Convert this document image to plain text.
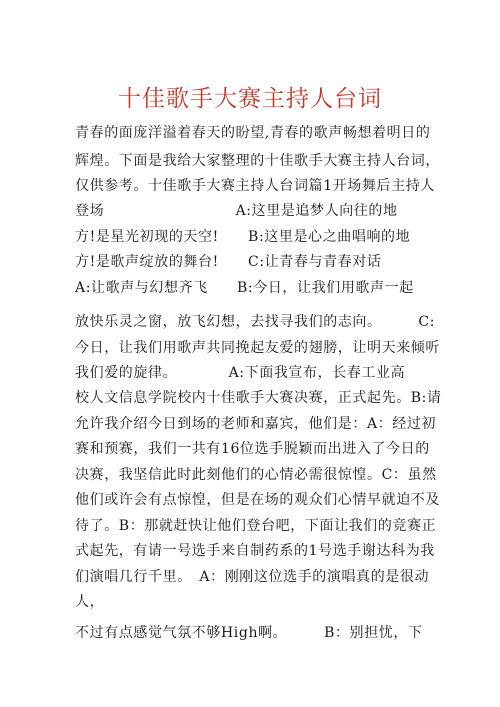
十佳歌手大赛主持人台词
青春的面庞洋溢着春天的盼望,青春的歌声畅想着明日的
辉煌。下面是我给大家整理的十佳歌手大赛主持人台词，
仅供参考。十佳歌手大赛主持人台词篇1开场舞后主持人
登场　　　　　　　　　A:这里是追梦人向往的地
方!是星光初现的天空!　　B:这里是心之曲唱响的地
方!是歌声绽放的舞台!　　C:让青春与青春对话
A:让歌声与幻想齐飞　　B:今日，让我们用歌声一起
放快乐灵之窗，放飞幻想，去找寻我们的志向。　　　C:
今日，让我们用歌声共同挽起友爱的翅膀，让明天来倾听
我们爱的旋律。　　　　A:下面我宣布，长春工业高
校人文信息学院校内十佳歌手大赛决赛，正式起先。B:请
允许我介绍今日到场的老师和嘉宾，他们是：A：经过初
赛和预赛，我们一共有16位选手脱颖而出进入了今日的
决赛，我坚信此时此刻他们的心情必需很惊惶。C：虽然
他们或许会有点惊惶，但是在场的观众们心情早就迫不及
待了。B：那就赶快让他们登台吧，下面让我们的竞赛正
式起先，有请一号选手来自制药系的1号选手谢达科为我
们演唱几行千里。　A：刚刚这位选手的演唱真的是很动
人，
不过有点感觉气氛不够High啊。　　　B：别担忧，下
